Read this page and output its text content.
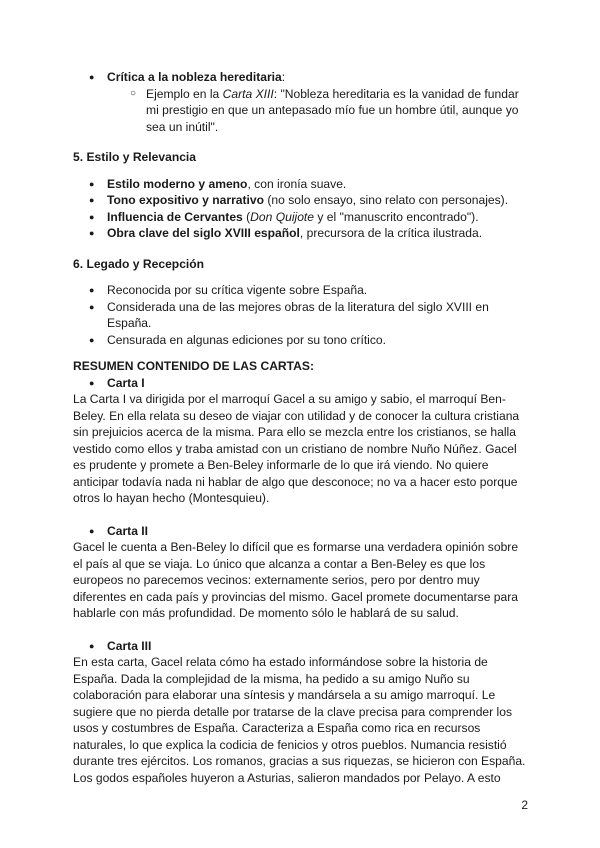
● Crítica a la nobleza hereditaria:
○ Ejemplo en la Carta XIII: "Nobleza hereditaria es la vanidad de fundar mi prestigio en que un antepasado mío fue un hombre útil, aunque yo sea un inútil".

5. Estilo y Relevancia

● Estilo moderno y ameno, con ironía suave.
● Tono expositivo y narrativo (no solo ensayo, sino relato con personajes).
● Influencia de Cervantes (Don Quijote y el "manuscrito encontrado").
● Obra clave del siglo XVIII español, precursora de la crítica ilustrada.

6. Legado y Recepción

● Reconocida por su crítica vigente sobre España.
● Considerada una de las mejores obras de la literatura del siglo XVIII en España.
● Censurada en algunas ediciones por su tono crítico.

RESUMEN CONTENIDO DE LAS CARTAS:

● Carta I

La Carta I va dirigida por el marroquí Gacel a su amigo y sabio, el marroquí Ben-Beley. En ella relata su deseo de viajar con utilidad y de conocer la cultura cristiana sin prejuicios acerca de la misma. Para ello se mezcla entre los cristianos, se halla vestido como ellos y traba amistad con un cristiano de nombre Nuño Núñez. Gacel es prudente y promete a Ben-Beley informarle de lo que irá viendo. No quiere anticipar todavía nada ni hablar de algo que desconoce; no va a hacer esto porque otros lo hayan hecho (Montesquieu).

● Carta II

Gacel le cuenta a Ben-Beley lo difícil que es formarse una verdadera opinión sobre el país al que se viaja. Lo único que alcanza a contar a Ben-Beley es que los europeos no parecemos vecinos: externamente serios, pero por dentro muy diferentes en cada país y provincias del mismo. Gacel promete documentarse para hablarle con más profundidad. De momento sólo le hablará de su salud.

● Carta III

En esta carta, Gacel relata cómo ha estado informándose sobre la historia de España. Dada la complejidad de la misma, ha pedido a su amigo Nuño su colaboración para elaborar una síntesis y mandársela a su amigo marroquí. Le sugiere que no pierda detalle por tratarse de la clave precisa para comprender los usos y costumbres de España. Caracteriza a España como rica en recursos naturales, lo que explica la codicia de fenicios y otros pueblos. Numancia resistió durante tres ejércitos. Los romanos, gracias a sus riquezas, se hicieron con España. Los godos españoles huyeron a Asturias, salieron mandados por Pelayo. A esto

2
